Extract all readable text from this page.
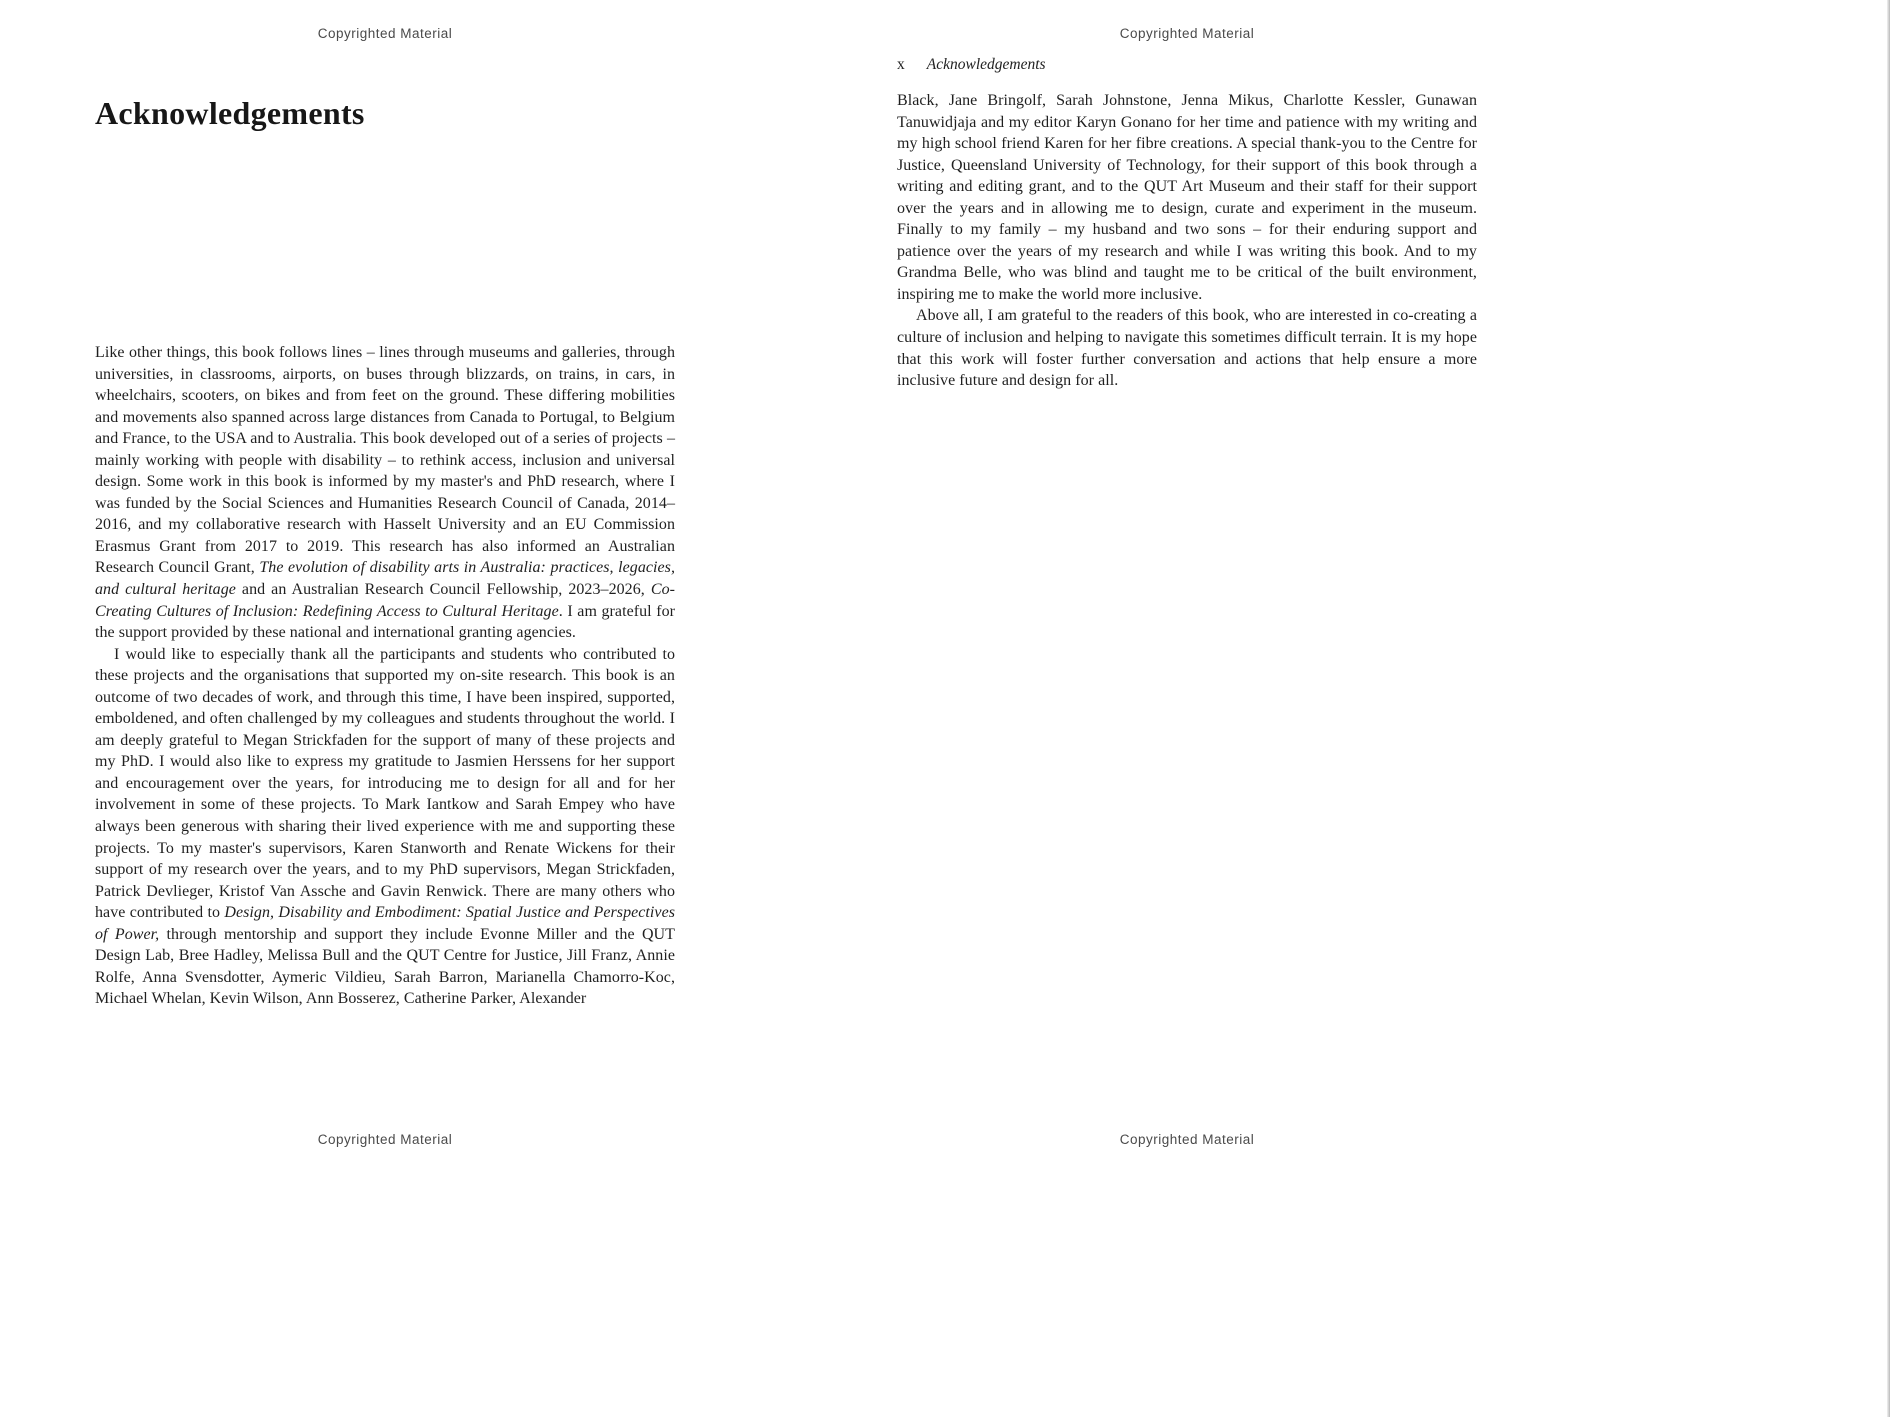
Copyrighted Material
Acknowledgements

Like other things, this book follows lines – lines through museums and galleries, through universities, in classrooms, airports, on buses through blizzards, on trains, in cars, in wheelchairs, scooters, on bikes and from feet on the ground. These differing mobilities and movements also spanned across large distances from Canada to Portugal, to Belgium and France, to the USA and to Australia. This book developed out of a series of projects – mainly working with people with disability – to rethink access, inclusion and universal design. Some work in this book is informed by my master's and PhD research, where I was funded by the Social Sciences and Humanities Research Council of Canada, 2014–2016, and my collaborative research with Hasselt University and an EU Commission Erasmus Grant from 2017 to 2019. This research has also informed an Australian Research Council Grant, The evolution of disability arts in Australia: practices, legacies, and cultural heritage and an Australian Research Council Fellowship, 2023–2026, Co-Creating Cultures of Inclusion: Redefining Access to Cultural Heritage. I am grateful for the support provided by these national and international granting agencies.

I would like to especially thank all the participants and students who contributed to these projects and the organisations that supported my on-site research. This book is an outcome of two decades of work, and through this time, I have been inspired, supported, emboldened, and often challenged by my colleagues and students throughout the world. I am deeply grateful to Megan Strickfaden for the support of many of these projects and my PhD. I would also like to express my gratitude to Jasmien Herssens for her support and encouragement over the years, for introducing me to design for all and for her involvement in some of these projects. To Mark Iantkow and Sarah Empey who have always been generous with sharing their lived experience with me and supporting these projects. To my master's supervisors, Karen Stanworth and Renate Wickens for their support of my research over the years, and to my PhD supervisors, Megan Strickfaden, Patrick Devlieger, Kristof Van Assche and Gavin Renwick. There are many others who have contributed to Design, Disability and Embodiment: Spatial Justice and Perspectives of Power, through mentorship and support they include Evonne Miller and the QUT Design Lab, Bree Hadley, Melissa Bull and the QUT Centre for Justice, Jill Franz, Annie Rolfe, Anna Svensdotter, Aymeric Vildieu, Sarah Barron, Marianella Chamorro-Koc, Michael Whelan, Kevin Wilson, Ann Bosserez, Catherine Parker, Alexander

Copyrighted Material
Copyrighted Material
x Acknowledgements

Black, Jane Bringolf, Sarah Johnstone, Jenna Mikus, Charlotte Kessler, Gunawan Tanuwidjaja and my editor Karyn Gonano for her time and patience with my writing and my high school friend Karen for her fibre creations. A special thank-you to the Centre for Justice, Queensland University of Technology, for their support of this book through a writing and editing grant, and to the QUT Art Museum and their staff for their support over the years and in allowing me to design, curate and experiment in the museum. Finally to my family – my husband and two sons – for their enduring support and patience over the years of my research and while I was writing this book. And to my Grandma Belle, who was blind and taught me to be critical of the built environment, inspiring me to make the world more inclusive.

Above all, I am grateful to the readers of this book, who are interested in co-creating a culture of inclusion and helping to navigate this sometimes difficult terrain. It is my hope that this work will foster further conversation and actions that help ensure a more inclusive future and design for all.

Copyrighted Material
